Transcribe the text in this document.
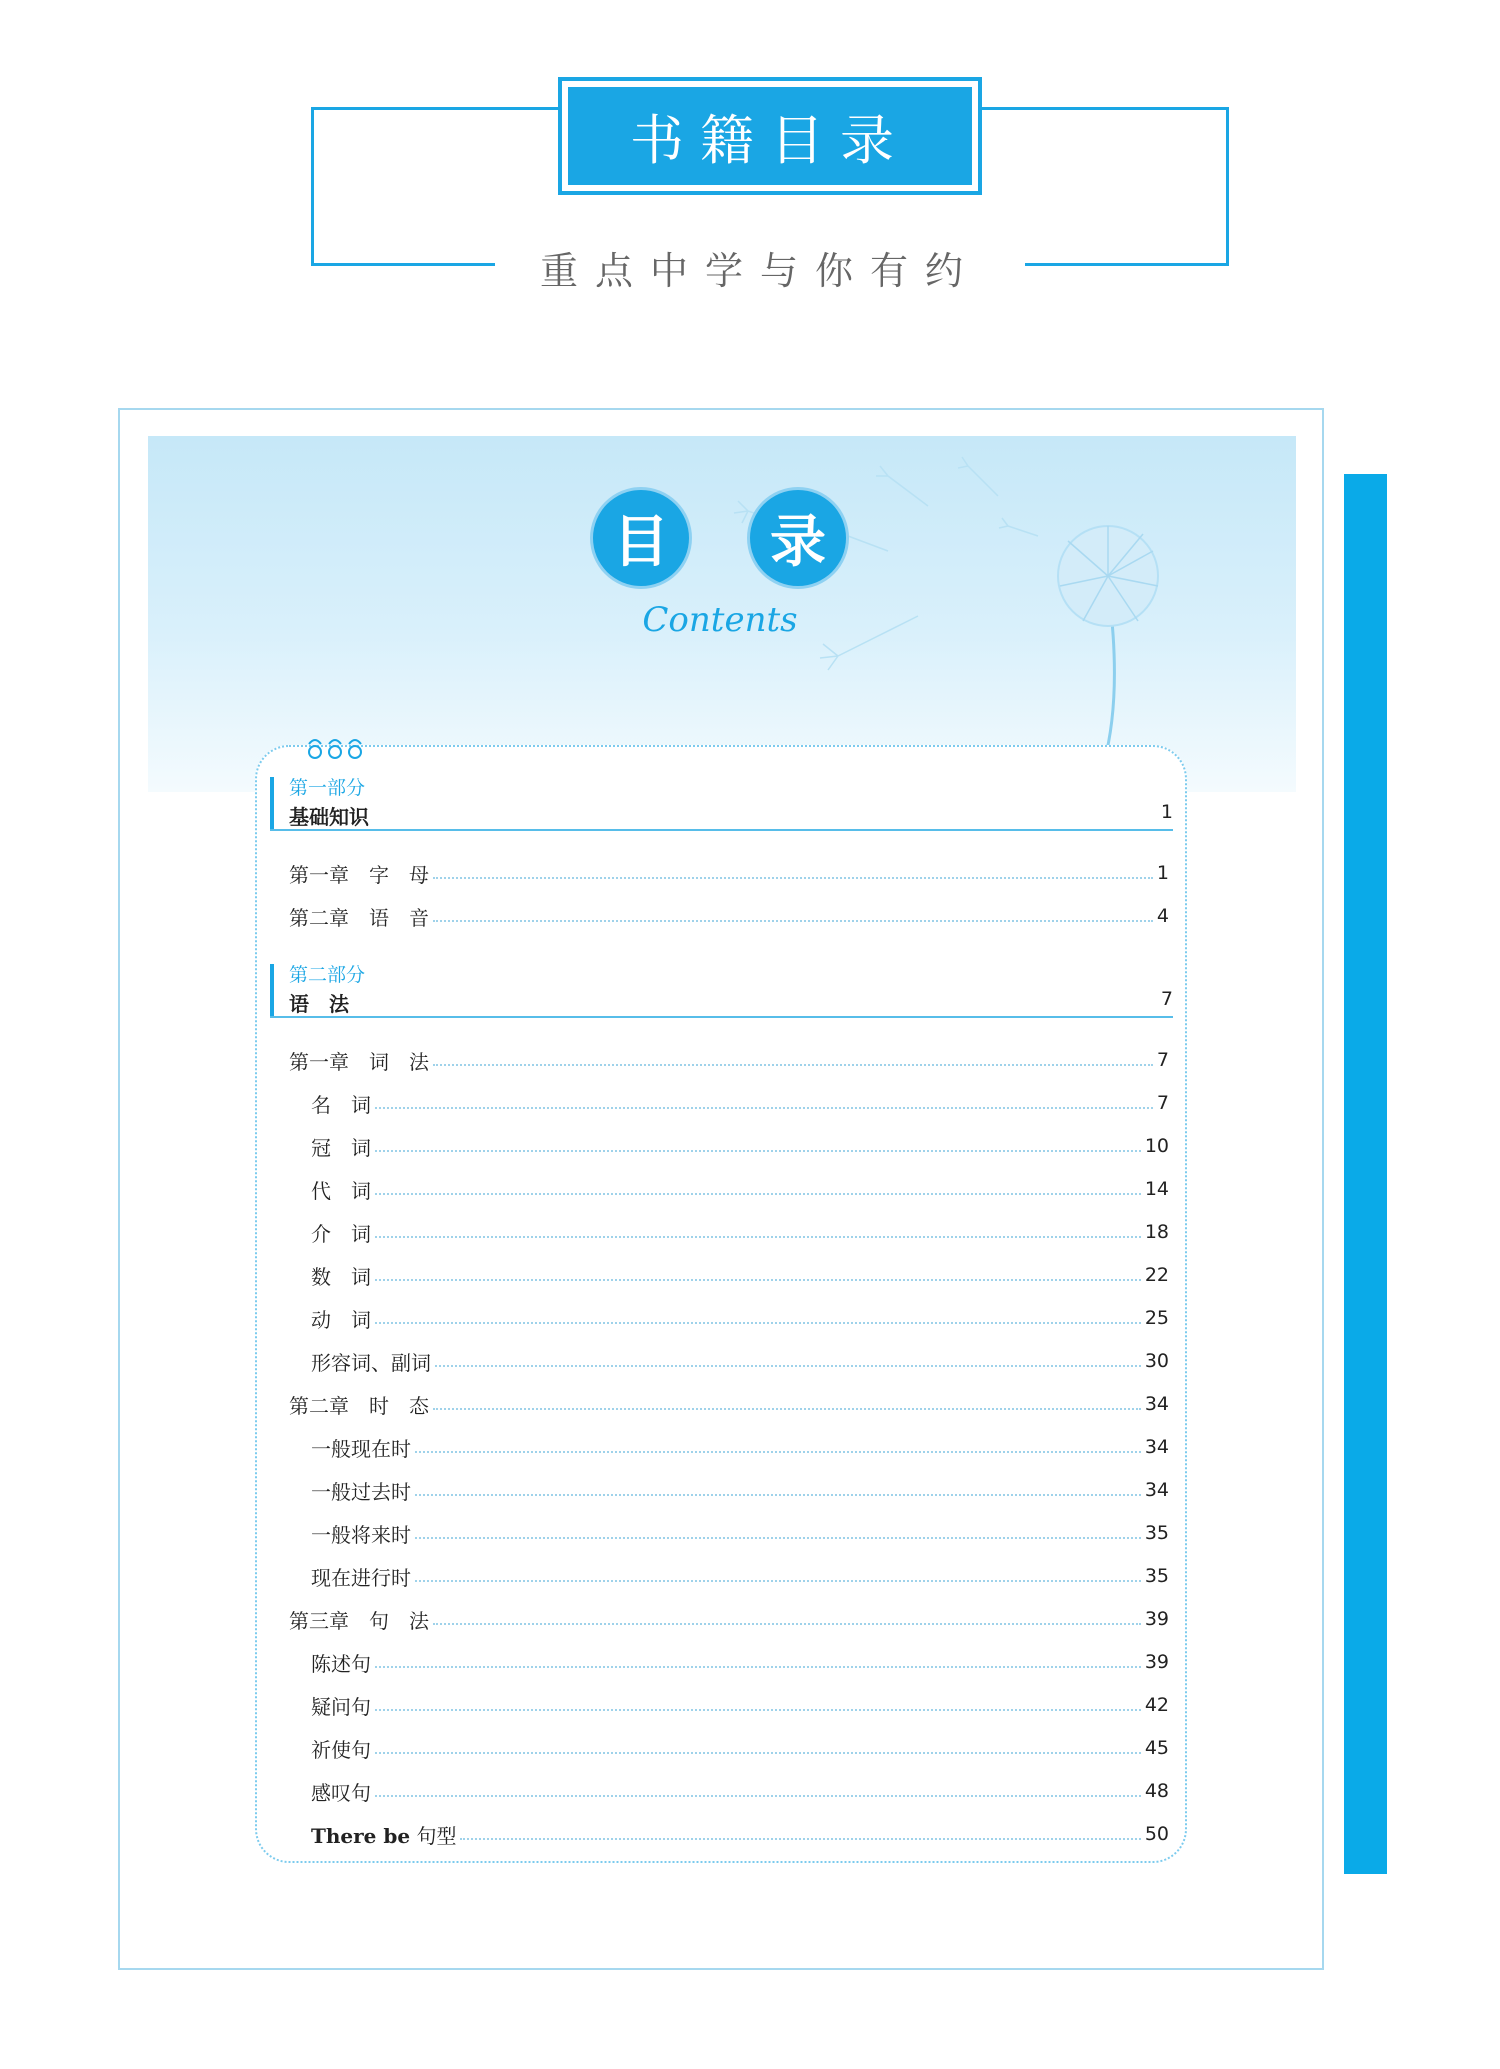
书籍目录
重点中学与你有约
目	录
Contents
第一部分
基础知识	1
第一章　字　母	1
第二章　语　音	4
第二部分
语　法	7
第一章　词　法	7
名　词	7
冠　词	10
代　词	14
介　词	18
数　词	22
动　词	25
形容词、副词	30
第二章　时　态	34
一般现在时	34
一般过去时	34
一般将来时	35
现在进行时	35
第三章　句　法	39
陈述句	39
疑问句	42
祈使句	45
感叹句	48
There be 句型	50
